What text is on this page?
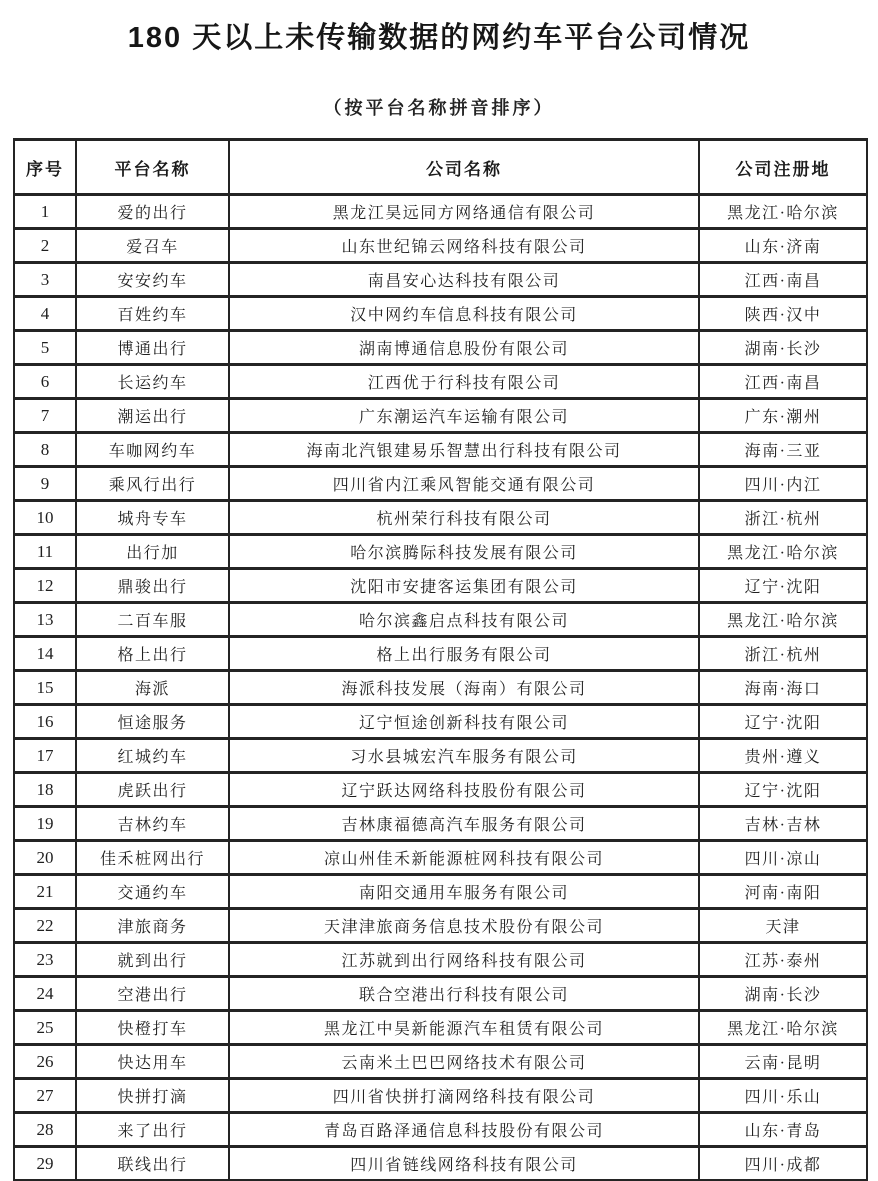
180 天以上未传输数据的网约车平台公司情况
（按平台名称拼音排序）
序号	平台名称	公司名称	公司注册地
1	爱的出行	黑龙江昊远同方网络通信有限公司	黑龙江·哈尔滨
2	爱召车	山东世纪锦云网络科技有限公司	山东·济南
3	安安约车	南昌安心达科技有限公司	江西·南昌
4	百姓约车	汉中网约车信息科技有限公司	陕西·汉中
5	博通出行	湖南博通信息股份有限公司	湖南·长沙
6	长运约车	江西优于行科技有限公司	江西·南昌
7	潮运出行	广东潮运汽车运输有限公司	广东·潮州
8	车咖网约车	海南北汽银建易乐智慧出行科技有限公司	海南·三亚
9	乘风行出行	四川省内江乘风智能交通有限公司	四川·内江
10	城舟专车	杭州荣行科技有限公司	浙江·杭州
11	出行加	哈尔滨腾际科技发展有限公司	黑龙江·哈尔滨
12	鼎骏出行	沈阳市安捷客运集团有限公司	辽宁·沈阳
13	二百车服	哈尔滨鑫启点科技有限公司	黑龙江·哈尔滨
14	格上出行	格上出行服务有限公司	浙江·杭州
15	海派	海派科技发展（海南）有限公司	海南·海口
16	恒途服务	辽宁恒途创新科技有限公司	辽宁·沈阳
17	红城约车	习水县城宏汽车服务有限公司	贵州·遵义
18	虎跃出行	辽宁跃达网络科技股份有限公司	辽宁·沈阳
19	吉林约车	吉林康福德高汽车服务有限公司	吉林·吉林
20	佳禾桩网出行	凉山州佳禾新能源桩网科技有限公司	四川·凉山
21	交通约车	南阳交通用车服务有限公司	河南·南阳
22	津旅商务	天津津旅商务信息技术股份有限公司	天津
23	就到出行	江苏就到出行网络科技有限公司	江苏·泰州
24	空港出行	联合空港出行科技有限公司	湖南·长沙
25	快橙打车	黑龙江中昊新能源汽车租赁有限公司	黑龙江·哈尔滨
26	快达用车	云南米土巴巴网络技术有限公司	云南·昆明
27	快拼打滴	四川省快拼打滴网络科技有限公司	四川·乐山
28	来了出行	青岛百路泽通信息科技股份有限公司	山东·青岛
29	联线出行	四川省链线网络科技有限公司	四川·成都
